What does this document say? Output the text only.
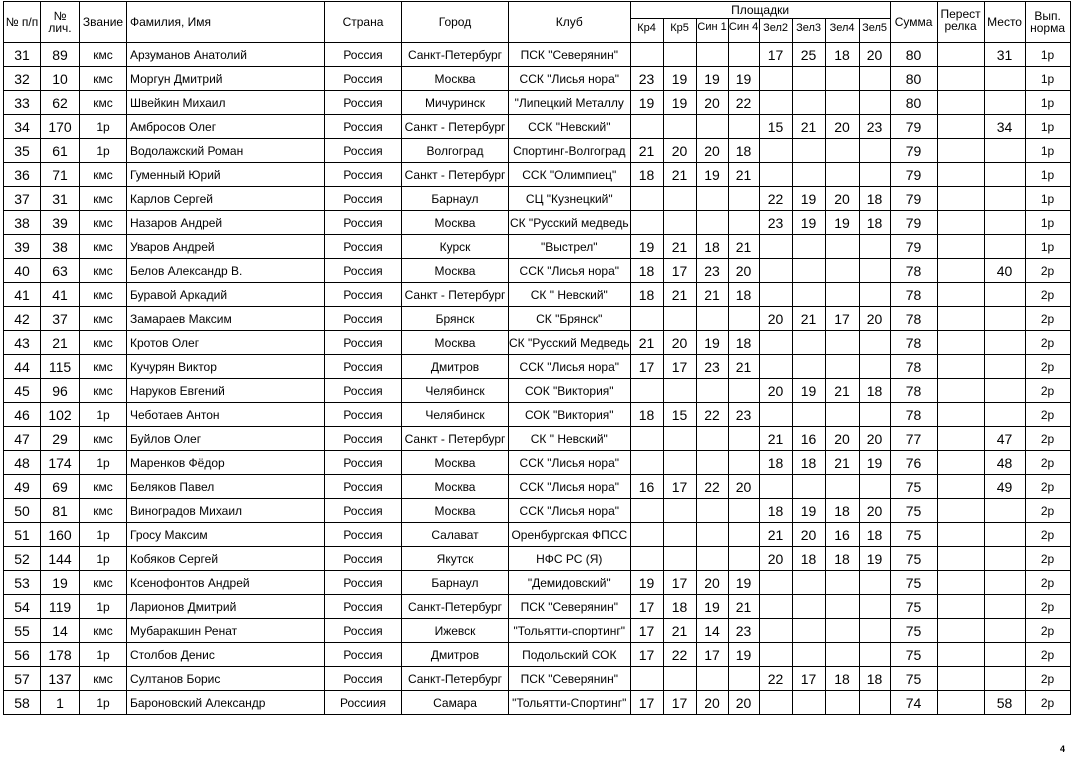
№ п/п	№ лич.	Звание	Фамилия, Имя	Страна	Город	Клуб	Площадки								Сумма	Перест релка	Место	Вып. норма
							Кр4	Кр5	Син 1	Син 4	Зел2	Зел3	Зел4	Зел5				
31	89	кмс	Арзуманов Анатолий	Россия	Санкт-Петербург	ПСК "Северянин"					17	25	18	20	80		31	1р
32	10	кмс	Моргун Дмитрий	Россия	Москва	ССК "Лисья нора"	23	19	19	19					80			1р
33	62	кмс	Швейкин Михаил	Россия	Мичуринск	"Липецкий Металлу	19	19	20	22					80			1р
34	170	1р	Амбросов Олег	Россия	Санкт - Петербург	ССК "Невский"					15	21	20	23	79		34	1р
35	61	1р	Водолажский Роман	Россия	Волгоград	Спортинг-Волгоград	21	20	20	18					79			1р
36	71	кмс	Гуменный Юрий	Россия	Санкт - Петербург	ССК "Олимпиец"	18	21	19	21					79			1р
37	31	кмс	Карлов Сергей	Россия	Барнаул	СЦ "Кузнецкий"					22	19	20	18	79			1р
38	39	кмс	Назаров Андрей	Россия	Москва	СК "Русский медведь					23	19	19	18	79			1р
39	38	кмс	Уваров Андрей	Россия	Курск	"Выстрел"	19	21	18	21					79			1р
40	63	кмс	Белов Александр В.	Россия	Москва	ССК "Лисья нора"	18	17	23	20					78		40	2р
41	41	кмс	Буравой Аркадий	Россия	Санкт - Петербург	СК " Невский"	18	21	21	18					78			2р
42	37	кмс	Замараев Максим	Россия	Брянск	СК "Брянск"					20	21	17	20	78			2р
43	21	кмс	Кротов Олег	Россия	Москва	СК "Русский Медведь	21	20	19	18					78			2р
44	115	кмс	Кучурян Виктор	Россия	Дмитров	ССК "Лисья нора"	17	17	23	21					78			2р
45	96	кмс	Наруков Евгений	Россия	Челябинск	СОК "Виктория"					20	19	21	18	78			2р
46	102	1р	Чеботаев Антон	Россия	Челябинск	СОК "Виктория"	18	15	22	23					78			2р
47	29	кмс	Буйлов Олег	Россия	Санкт - Петербург	СК " Невский"					21	16	20	20	77		47	2р
48	174	1р	Маренков Фёдор	Россия	Москва	ССК "Лисья нора"					18	18	21	19	76		48	2р
49	69	кмс	Беляков Павел	Россия	Москва	ССК "Лисья нора"	16	17	22	20					75		49	2р
50	81	кмс	Виноградов Михаил	Россия	Москва	ССК "Лисья нора"					18	19	18	20	75			2р
51	160	1р	Гросу Максим	Россия	Салават	Оренбургская ФПСС					21	20	16	18	75			2р
52	144	1р	Кобяков Сергей	Россия	Якутск	НФС РС (Я)					20	18	18	19	75			2р
53	19	кмс	Ксенофонтов Андрей	Россия	Барнаул	"Демидовский"	19	17	20	19					75			2р
54	119	1р	Ларионов Дмитрий	Россия	Санкт-Петербург	ПСК "Северянин"	17	18	19	21					75			2р
55	14	кмс	Мубаракшин Ренат	Россия	Ижевск	"Тольятти-спортинг"	17	21	14	23					75			2р
56	178	1р	Столбов Денис	Россия	Дмитров	Подольский СОК	17	22	17	19					75			2р
57	137	кмс	Султанов Борис	Россия	Санкт-Петербург	ПСК "Северянин"					22	17	18	18	75			2р
58	1	1р	Бароновский Александр	Россиия	Самара	"Тольятти-Спортинг"	17	17	20	20					74		58	2р
4
